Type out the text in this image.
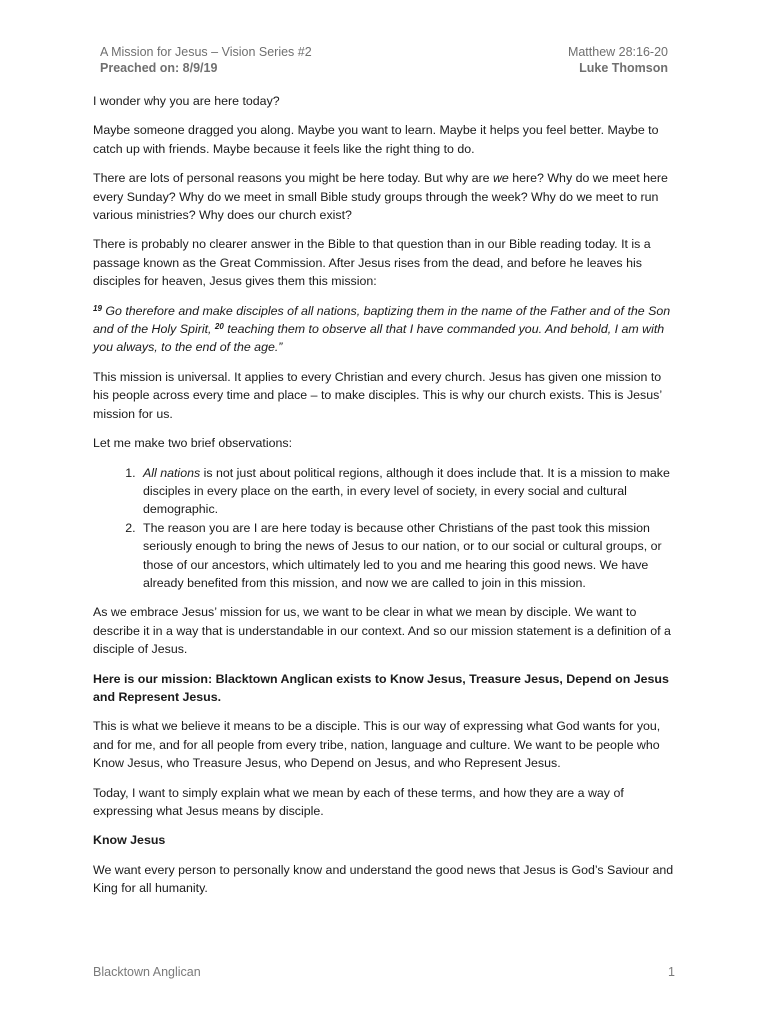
A Mission for Jesus – Vision Series #2
Preached on: 8/9/19
Matthew 28:16-20
Luke Thomson

I wonder why you are here today?

Maybe someone dragged you along. Maybe you want to learn. Maybe it helps you feel better. Maybe to catch up with friends. Maybe because it feels like the right thing to do.

There are lots of personal reasons you might be here today. But why are we here? Why do we meet here every Sunday? Why do we meet in small Bible study groups through the week? Why do we meet to run various ministries? Why does our church exist?

There is probably no clearer answer in the Bible to that question than in our Bible reading today. It is a passage known as the Great Commission. After Jesus rises from the dead, and before he leaves his disciples for heaven, Jesus gives them this mission:

$^{19}$ Go therefore and make disciples of all nations, baptizing them in the name of the Father and of the Son and of the Holy Spirit, $^{20}$ teaching them to observe all that I have commanded you. And behold, I am with you always, to the end of the age.”

This mission is universal. It applies to every Christian and every church. Jesus has given one mission to his people across every time and place – to make disciples. This is why our church exists. This is Jesus’ mission for us.

Let me make two brief observations:

1. All nations is not just about political regions, although it does include that. It is a mission to make disciples in every place on the earth, in every level of society, in every social and cultural demographic.
2. The reason you are I are here today is because other Christians of the past took this mission seriously enough to bring the news of Jesus to our nation, or to our social or cultural groups, or those of our ancestors, which ultimately led to you and me hearing this good news. We have already benefited from this mission, and now we are called to join in this mission.

As we embrace Jesus’ mission for us, we want to be clear in what we mean by disciple. We want to describe it in a way that is understandable in our context. And so our mission statement is a definition of a disciple of Jesus.

Here is our mission: Blacktown Anglican exists to Know Jesus, Treasure Jesus, Depend on Jesus and Represent Jesus.

This is what we believe it means to be a disciple. This is our way of expressing what God wants for you, and for me, and for all people from every tribe, nation, language and culture. We want to be people who Know Jesus, who Treasure Jesus, who Depend on Jesus, and who Represent Jesus.

Today, I want to simply explain what we mean by each of these terms, and how they are a way of expressing what Jesus means by disciple.

Know Jesus

We want every person to personally know and understand the good news that Jesus is God’s Saviour and King for all humanity.

Blacktown Anglican	1
